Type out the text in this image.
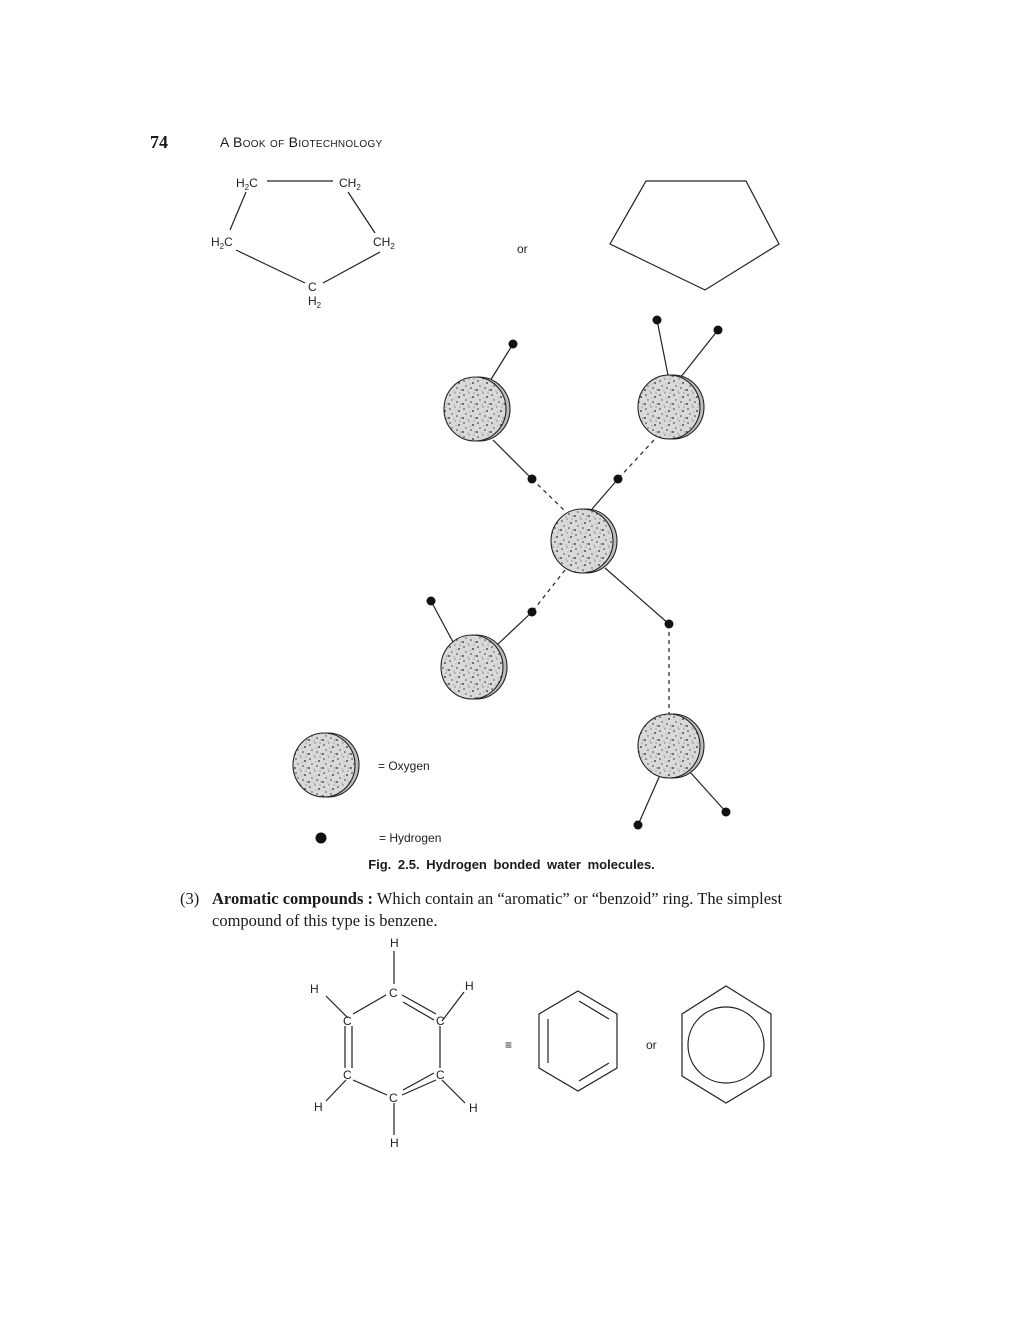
74	A Book of Biotechnology
$H_2C$	$CH_2$
$H_2C$	$CH_2$
C
$H_2$
or
= Oxygen
= Hydrogen
H
C
C	C
C	C
C
H	H
H	H
H
≡	or
Fig. 2.5. Hydrogen bonded water molecules.
(3) Aromatic compounds : Which contain an “aromatic” or “benzoid” ring. The simplest
compound of this type is benzene.
